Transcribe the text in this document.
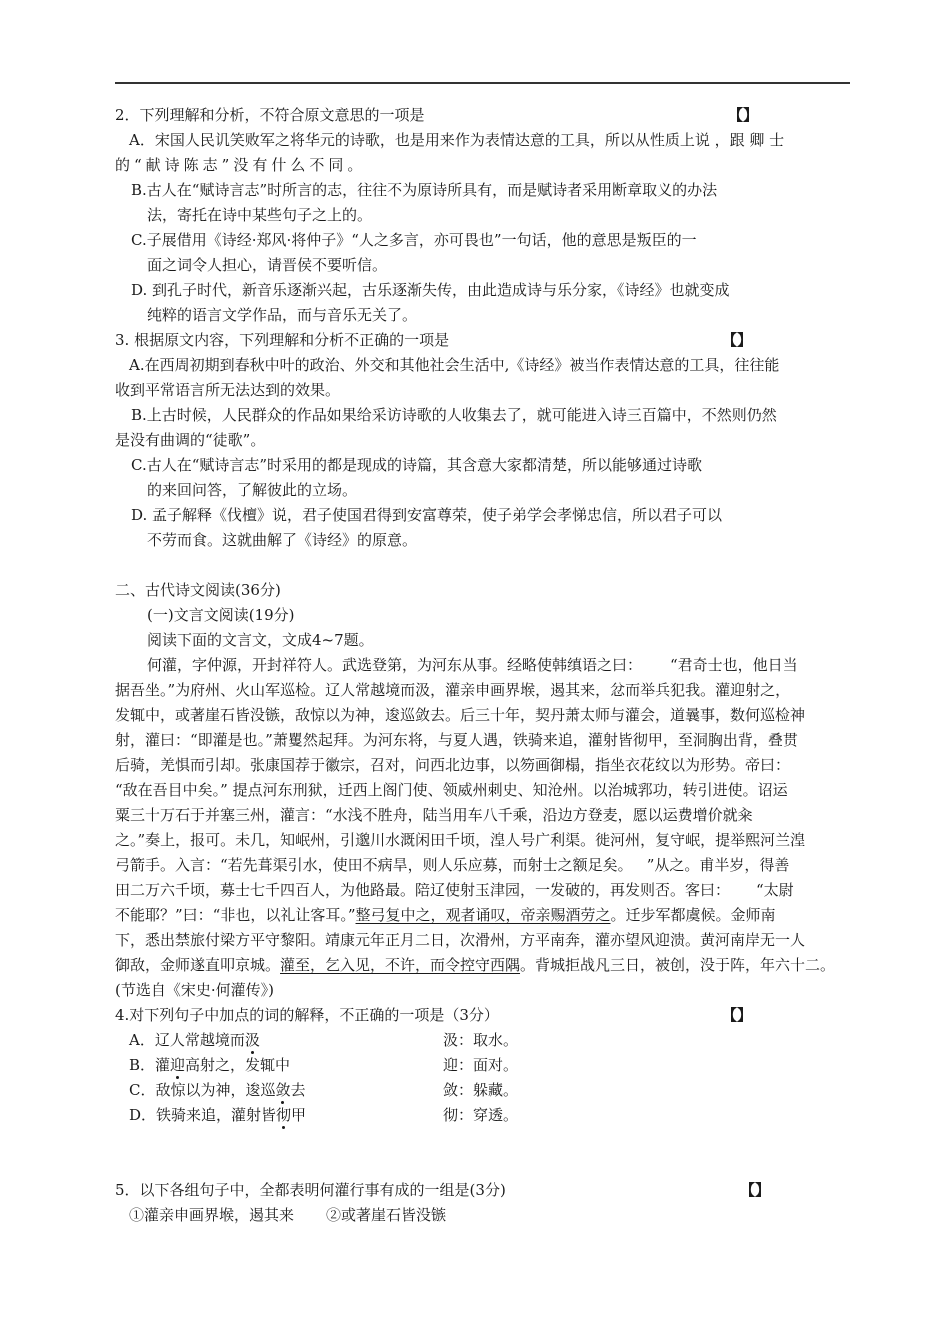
2．下列理解和分析，不符合原文意思的一项是	【】
A．宋国人民讥笑败军之将华元的诗歌，也是用来作为表情达意的工具，所以从性质上说 ，跟 卿 士
的“献诗陈志”没有什么不同。
B.古人在“赋诗言志”时所言的志，往往不为原诗所具有，而是赋诗者采用断章取义的办法
法，寄托在诗中某些句子之上的。
C.子展借用《诗经·郑风·将仲子》“人之多言，亦可畏也”一句话，他的意思是叛臣的一
面之词令人担心，请晋侯不要听信。
D. 到孔子时代，新音乐逐渐兴起，古乐逐渐失传，由此造成诗与乐分家，《诗经》也就变成
纯粹的语言文学作品，而与音乐无关了。
3. 根据原文内容，下列理解和分析不正确的一项是	【】
A.在西周初期到春秋中叶的政治、外交和其他社会生活中,《诗经》被当作表情达意的工具，往往能
收到平常语言所无法达到的效果。
B.上古时候，人民群众的作品如果给采访诗歌的人收集去了，就可能进入诗三百篇中，不然则仍然
是没有曲调的“徒歌”。
C.古人在“赋诗言志”时采用的都是现成的诗篇，其含意大家都清楚，所以能够通过诗歌
的来回问答，了解彼此的立场。
D. 孟子解释《伐檀》说，君子使国君得到安富尊荣，使子弟学会孝悌忠信，所以君子可以
不劳而食。这就曲解了《诗经》的原意。
二、古代诗文阅读(36分)
(一)文言文阅读(19分)
阅读下面的文言文，文成4~7题。
何灌，字仲源，开封祥符人。武选登第，为河东从事。经略使韩缜语之曰： “君奇士也，他日当
据吾坐。”为府州、火山军巡检。辽人常越境而汲，灌亲申画界堠，遏其来，忿而举兵犯我。灌迎射之，
发辄中，或著崖石皆没镞，敌惊以为神，逡巡敛去。后三十年，契丹萧太师与灌会，道曩事，数何巡检神
射，灌曰：“即灌是也。”萧矍然起拜。为河东将，与夏人遇，铁骑来追，灌射皆彻甲，至洞胸出背，叠贯
后骑，羌惧而引却。张康国荐于徽宗，召对，问西北边事，以笏画御榻，指坐衣花纹以为形势。帝曰：
“敌在吾目中矣。” 提点河东刑狱，迁西上阁门使、领威州刺史、知沧州。以治城郛功，转引进使。诏运
粟三十万石于并塞三州，灌言：“水浅不胜舟，陆当用车八千乘，沿边方登麦，愿以运费增价就籴
之。”奏上，报可。未几，知岷州，引邈川水溉闲田千顷，湟人号广利渠。徙河州，复守岷，提举熙河兰湟
弓箭手。入言：“若先葺渠引水，使田不病旱，则人乐应募，而射士之额足矣。 ”从之。甫半岁，得善
田二万六千顷，募士七千四百人，为他路最。陪辽使射玉津园，一发破的，再发则否。客曰： “太尉
不能耶？”曰：“非也，以礼让客耳。”整弓复中之，观者诵叹，帝亲赐酒劳之。迁步军都虞候。金师南
下，悉出禁旅付梁方平守黎阳。靖康元年正月二日，次滑州，方平南奔，灌亦望风迎溃。黄河南岸无一人
御敌，金师遂直叩京城。灌至，乞入见，不许，而令控守西隅。背城拒战凡三日，被创，没于阵，年六十二。
(节选自《宋史·何灌传》)
4.对下列句子中加点的词的解释，不正确的一项是（3分）	【】
A．辽人常越境而汲	汲：取水。
B．灌迎高射之，发辄中	迎：面对。
C．敌惊以为神，逡巡敛去	敛：躲藏。
D．铁骑来追，灌射皆彻甲	彻：穿透。
5．以下各组句子中，全都表明何灌行事有成的一组是(3分)	【】
①灌亲申画界堠，遏其来 ②或著崖石皆没镞
